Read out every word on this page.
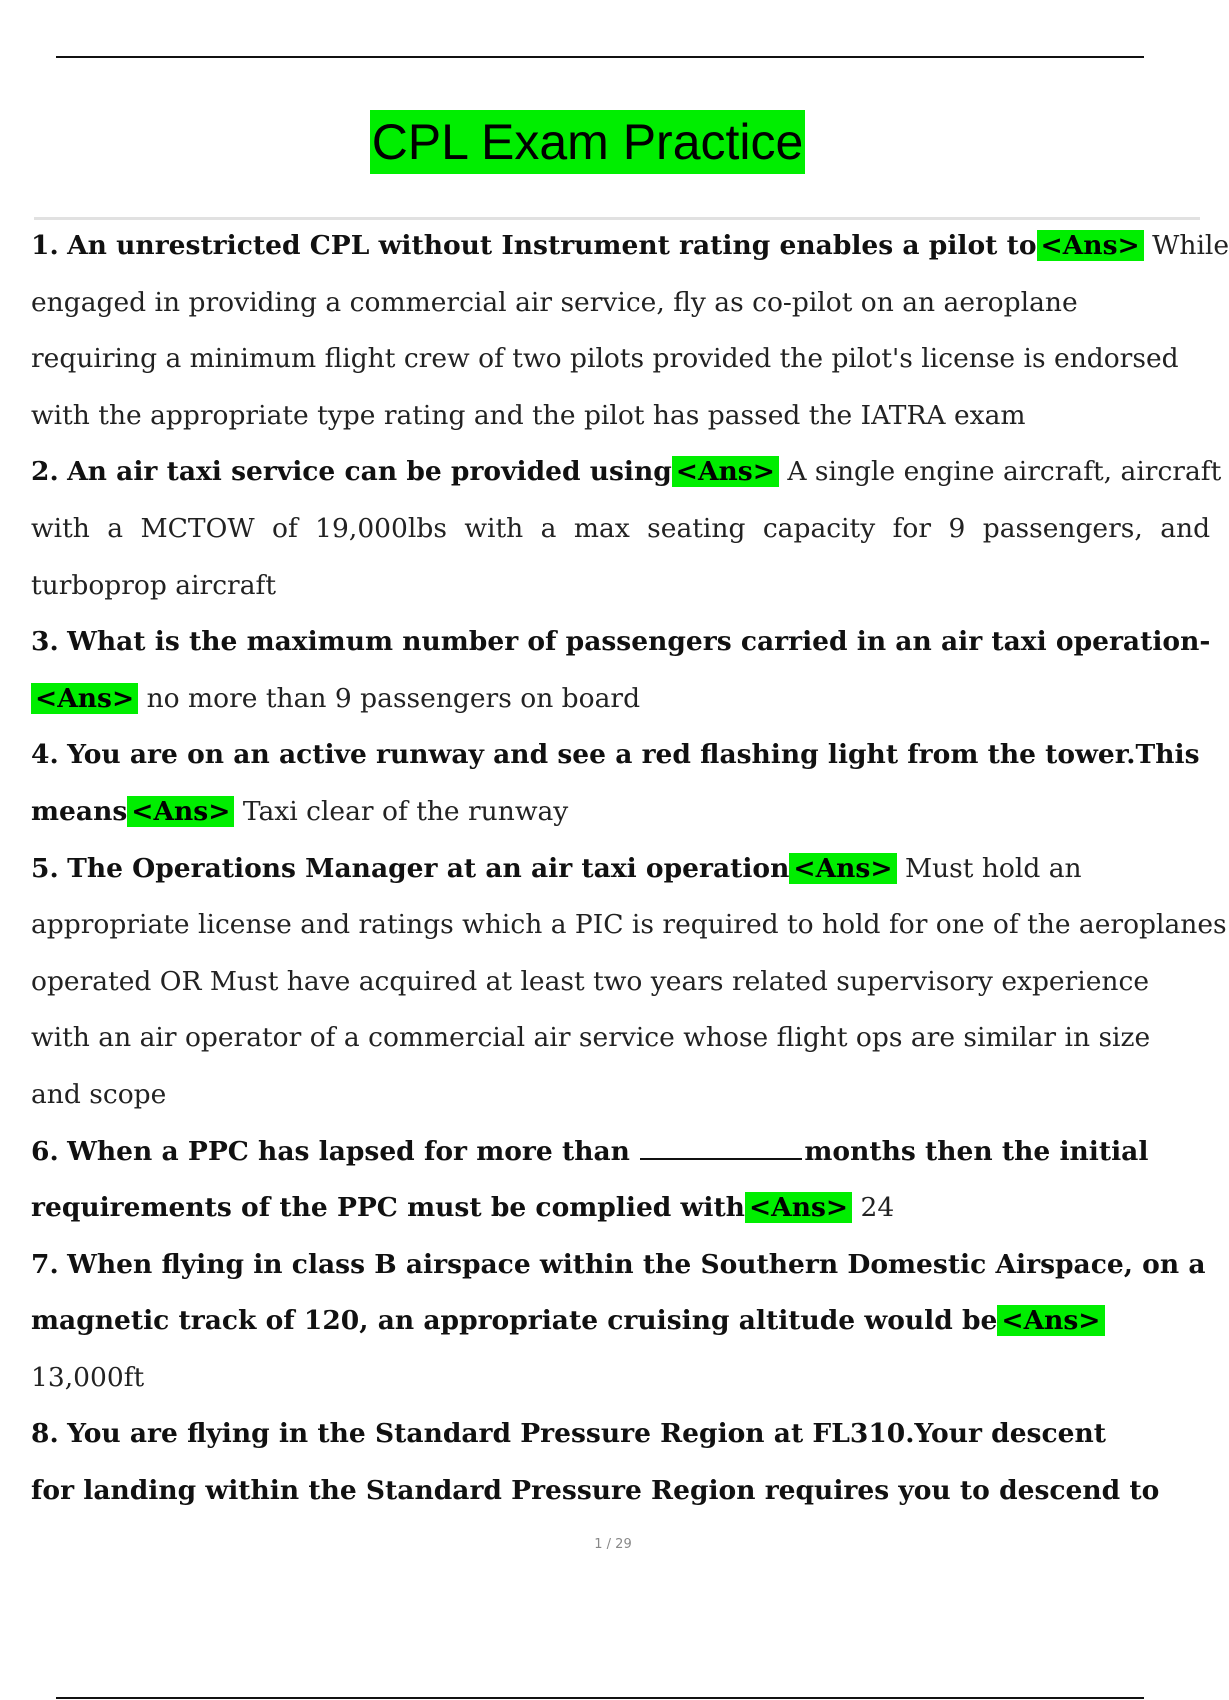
CPL Exam Practice
1. An unrestricted CPL without Instrument rating enables a pilot to <Ans> While
engaged in providing a commercial air service, fly as co-pilot on an aeroplane
requiring a minimum flight crew of two pilots provided the pilot's license is endorsed
with the appropriate type rating and the pilot has passed the IATRA exam
2. An air taxi service can be provided using <Ans> A single engine aircraft, aircraft
with a MCTOW of 19,000lbs with a max seating capacity for 9 passengers, and
turboprop aircraft
3. What is the maximum number of passengers carried in an air taxi operation-
<Ans> no more than 9 passengers on board
4. You are on an active runway and see a red flashing light from the tower.This
means <Ans> Taxi clear of the runway
5. The Operations Manager at an air taxi operation <Ans> Must hold an
appropriate license and ratings which a PIC is required to hold for one of the aeroplanes
operated OR Must have acquired at least two years related supervisory experience
with an air operator of a commercial air service whose flight ops are similar in size
and scope
6. When a PPC has lapsed for more than	months then the initial
requirements of the PPC must be complied with <Ans> 24
7. When flying in class B airspace within the Southern Domestic Airspace, on a
magnetic track of 120, an appropriate cruising altitude would be <Ans>
13,000ft
8. You are flying in the Standard Pressure Region at FL310.Your descent
for landing within the Standard Pressure Region requires you to descend to
1 / 29
